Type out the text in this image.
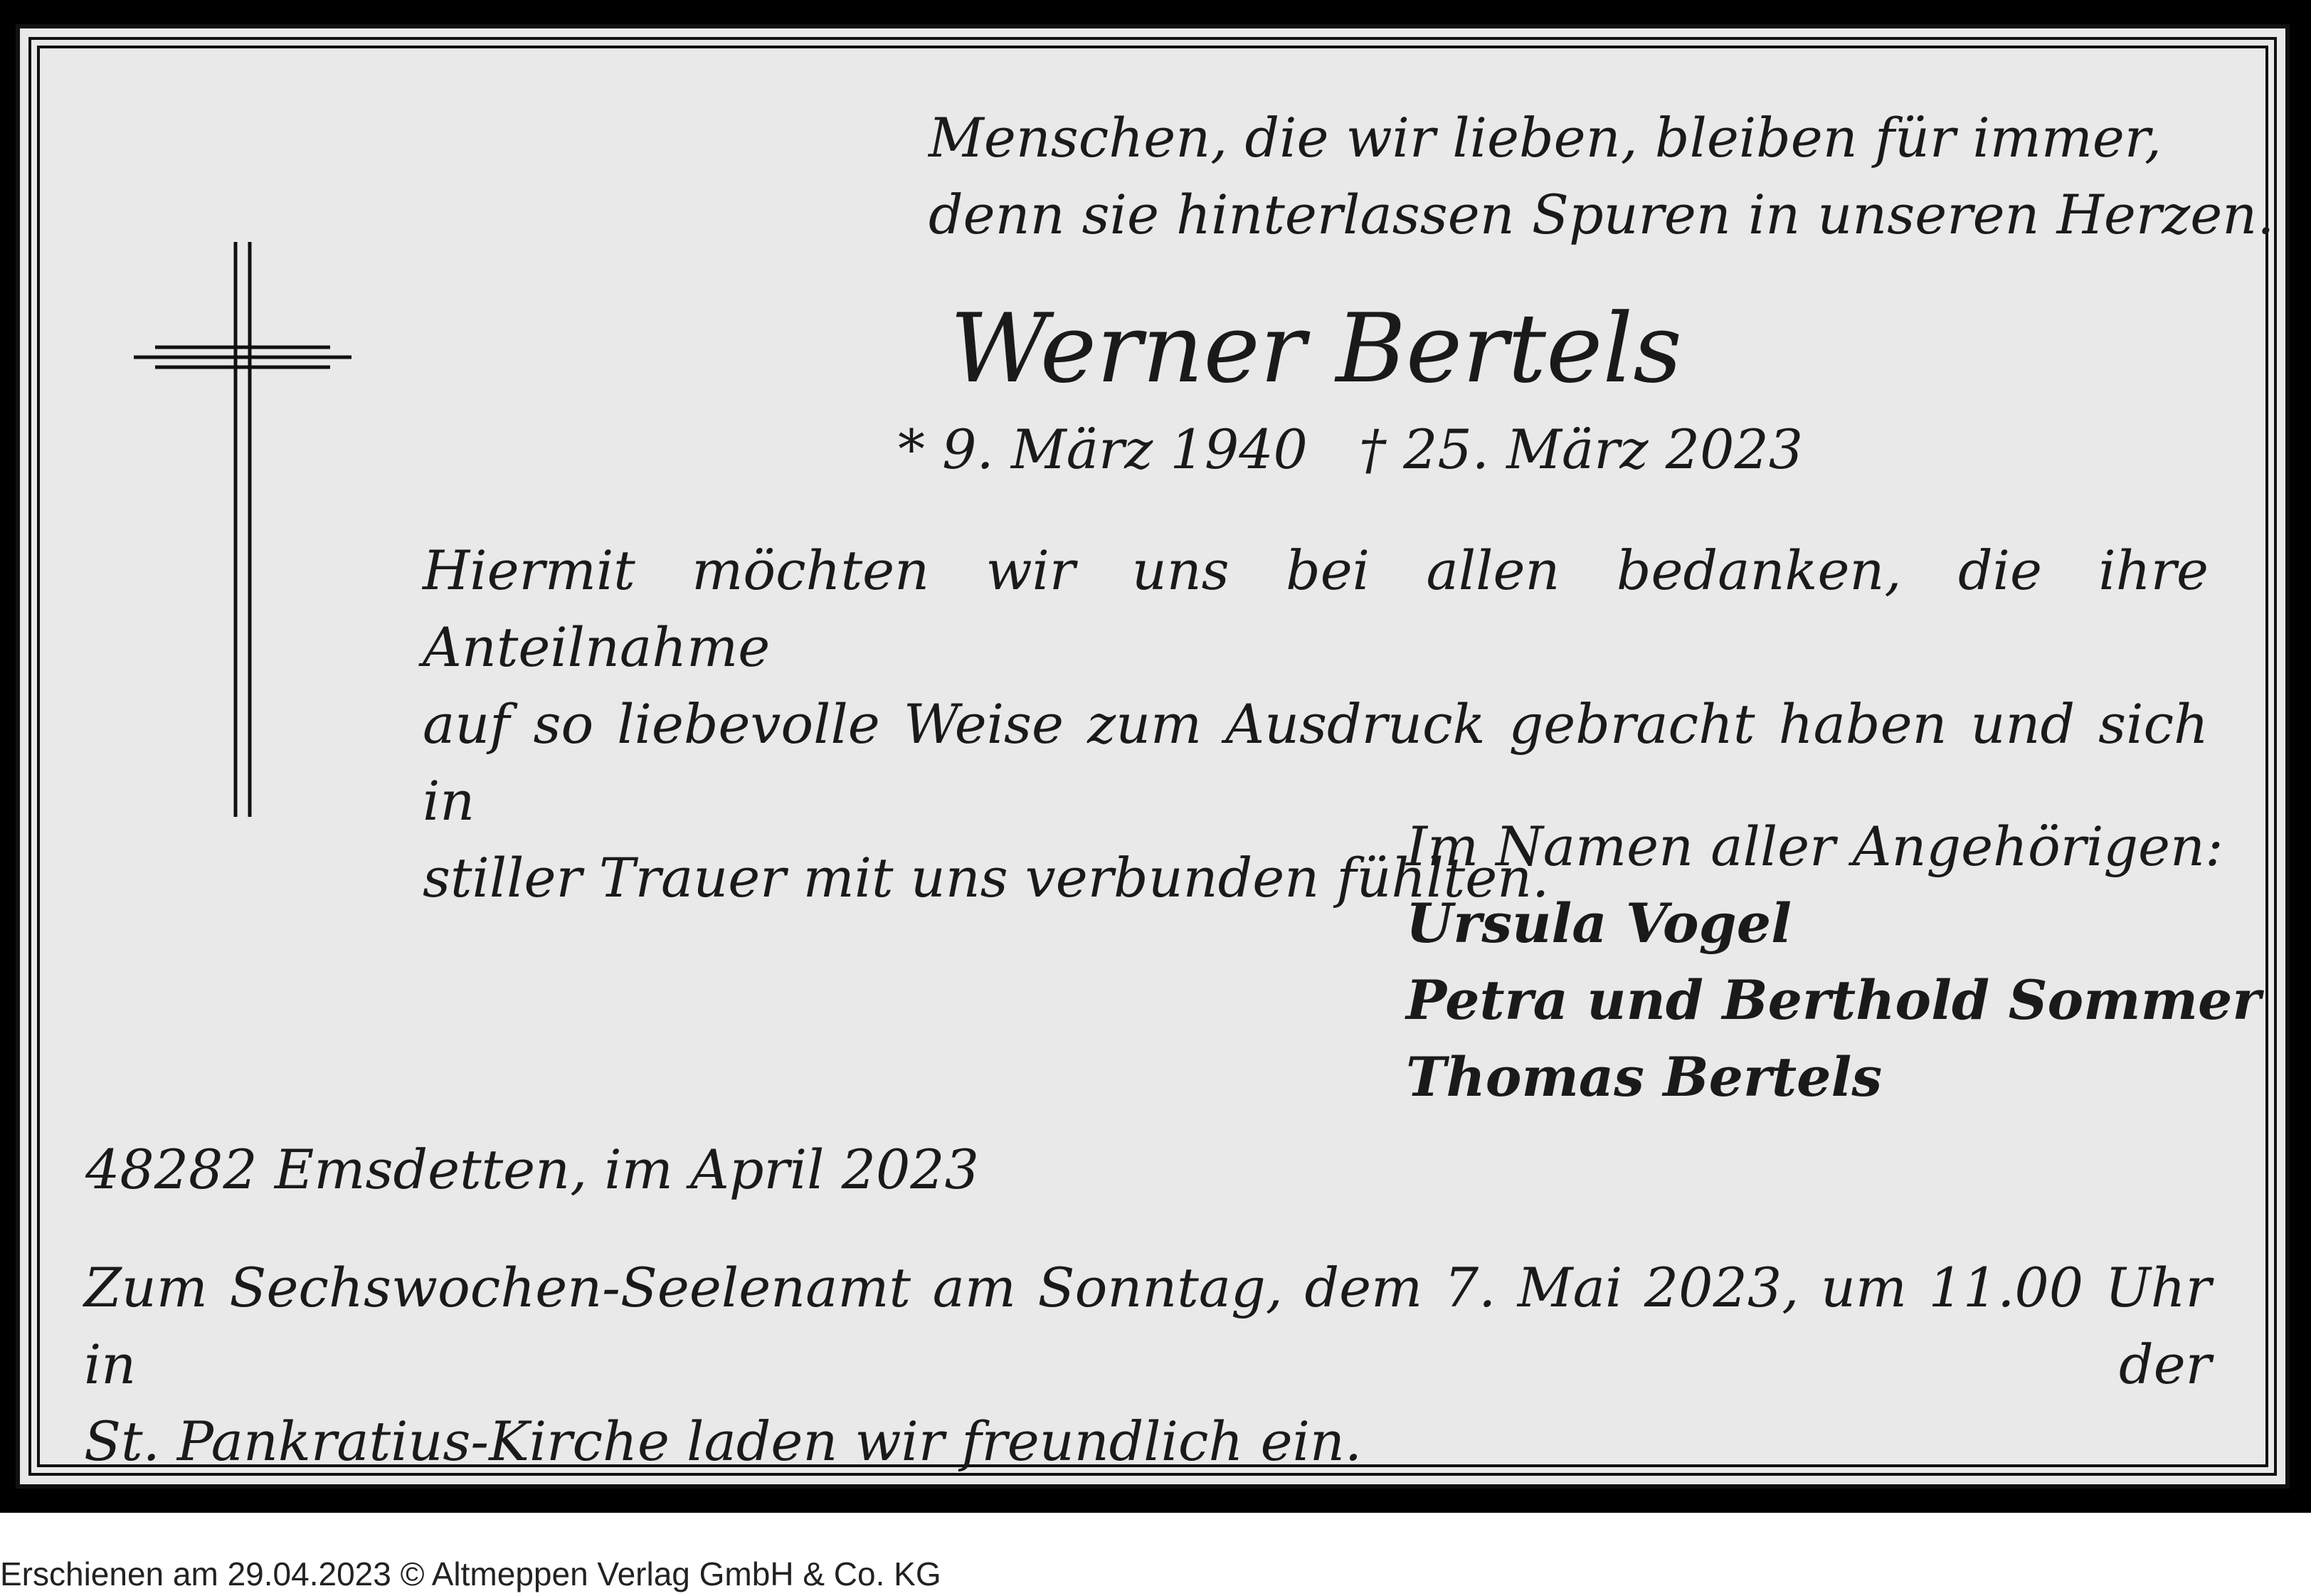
Menschen, die wir lieben, bleiben für immer,
denn sie hinterlassen Spuren in unseren Herzen.
Werner Bertels
* 9. März 1940 † 25. März 2023
Hiermit möchten wir uns bei allen bedanken, die ihre Anteilnahme
auf so liebevolle Weise zum Ausdruck gebracht haben und sich in
stiller Trauer mit uns verbunden fühlten.
Im Namen aller Angehörigen:
Ursula Vogel
Petra und Berthold Sommer
Thomas Bertels
48282 Emsdetten, im April 2023
Zum Sechswochen-Seelenamt am Sonntag, dem 7. Mai 2023, um 11.00 Uhr in der
St. Pankratius-Kirche laden wir freundlich ein.
Erschienen am 29.04.2023 © Altmeppen Verlag GmbH & Co. KG
